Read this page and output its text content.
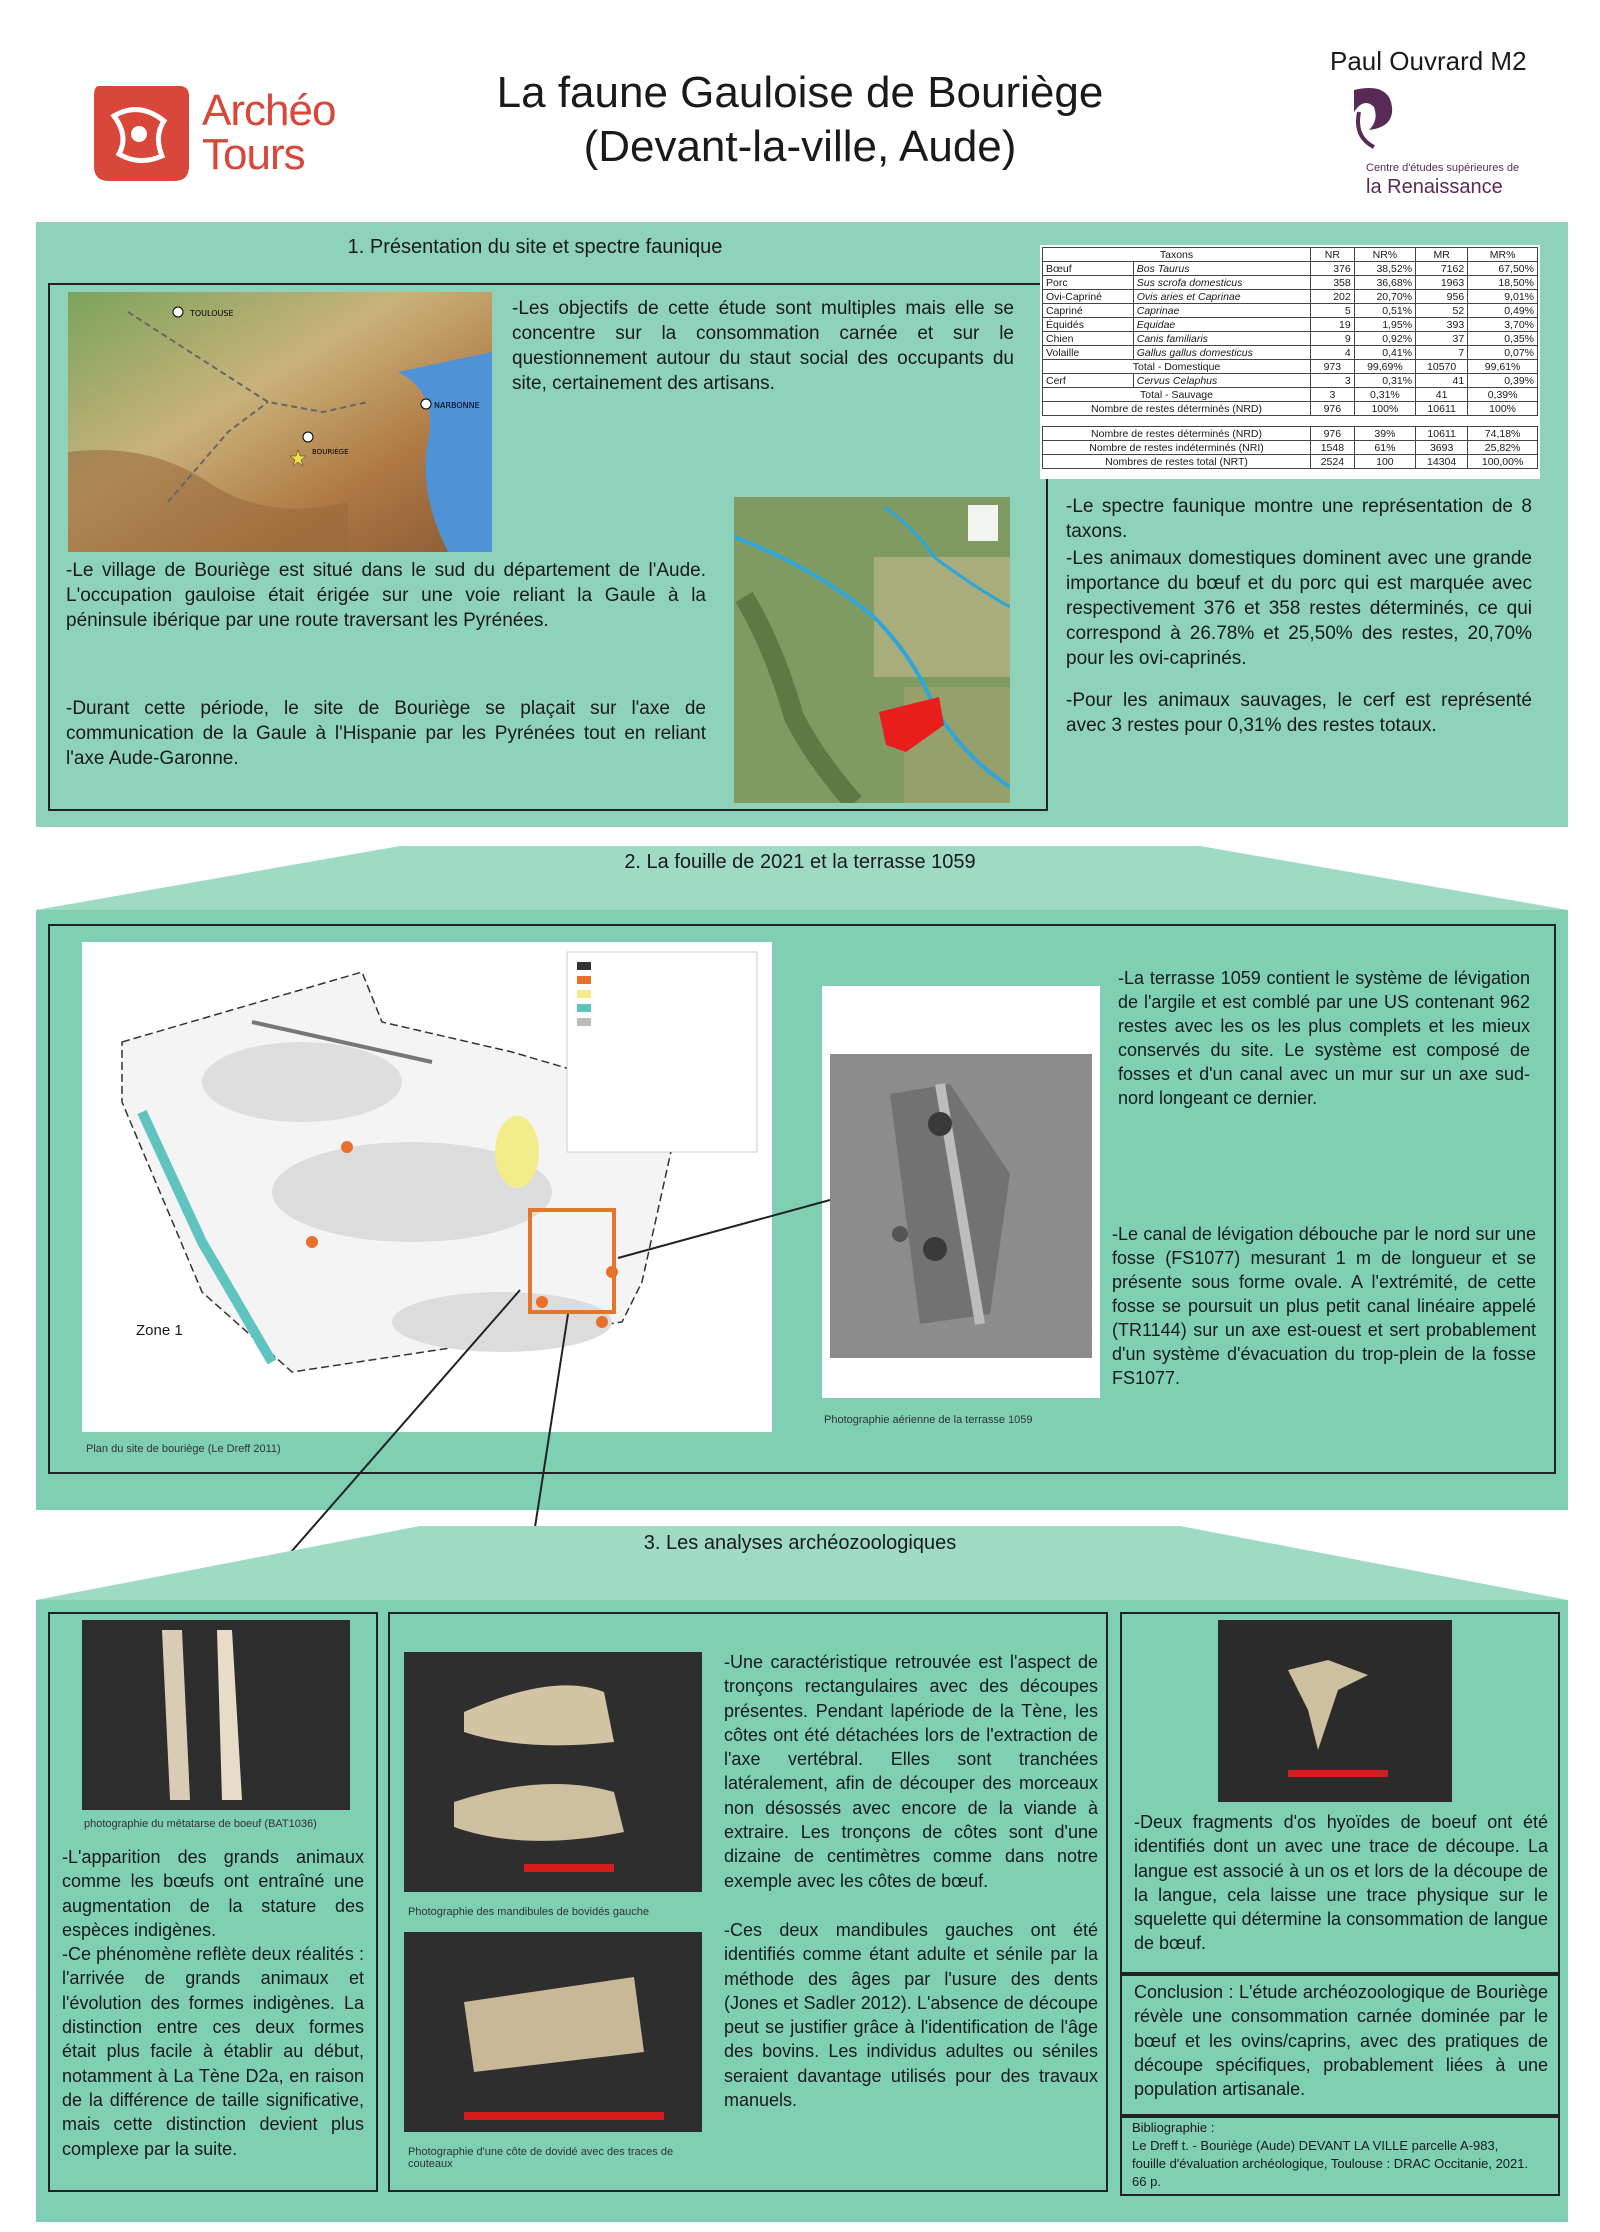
Archéo
Tours
La faune Gauloise de Bouriège
(Devant-la-ville, Aude)
Paul Ouvrard M2
Centre d'études supérieures de
la Renaissance
1. Présentation du site et spectre faunique
TOULOUSE
NARBONNE
BOURIÈGE
-Les objectifs de cette étude sont multiples mais elle se concentre sur la consommation carnée et sur le questionnement autour du staut social des occupants du site, certainement des artisans.
-Le village de Bouriège est situé dans le sud du département de l'Aude. L'occupation gauloise était érigée sur une voie reliant la Gaule à la péninsule ibérique par une route traversant les Pyrénées.
-Durant cette période, le site de Bouriège se plaçait sur l'axe de communication de la Gaule à l'Hispanie par les Pyrénées tout en reliant l'axe Aude-Garonne.
Taxons		NR	NR%	MR	MR%
Bœuf	Bos Taurus	376	38,52%	7162	67,50%
Porc	Sus scrofa domesticus	358	36,68%	1963	18,50%
Ovi-Capriné	Ovis aries et Caprinae	202	20,70%	956	9,01%
Capriné	Caprinae	5	0,51%	52	0,49%
Équidés	Equidae	19	1,95%	393	3,70%
Chien	Canis familiaris	9	0,92%	37	0,35%
Volaille	Gallus gallus domesticus	4	0,41%	7	0,07%
Total - Domestique		973	99,69%	10570	99,61%
Cerf	Cervus Celaphus	3	0,31%	41	0,39%
Total - Sauvage		3	0,31%	41	0,39%
Nombre de restes déterminés (NRD)		976	100%	10611	100%

Nombre de restes déterminés (NRD)		976	39%	10611	74,18%
Nombre de restes indéterminés (NRI)		1548	61%	3693	25,82%
Nombres de restes total (NRT)		2524	100	14304	100,00%
-Le spectre faunique montre une représentation de 8 taxons.
-Les animaux domestiques dominent avec une grande importance du bœuf et du porc qui est marquée avec respectivement 376 et 358 restes déterminés, ce qui correspond à 26.78% et 25,50% des restes, 20,70% pour les ovi-caprinés.
-Pour les animaux sauvages, le cerf est représenté avec 3 restes pour 0,31% des restes totaux.
2. La fouille de 2021 et la terrasse 1059
Zone 1
Plan du site de bouriège (Le Dreff 2011)
Photographie aérienne de la terrasse 1059
-La terrasse 1059 contient le système de lévigation de l'argile et est comblé par une US contenant 962 restes avec les os les plus complets et les mieux conservés du site. Le système est composé de fosses et d'un canal avec un mur sur un axe sud-nord longeant ce dernier.
-Le canal de lévigation débouche par le nord sur une fosse (FS1077) mesurant 1 m de longueur et se présente sous forme ovale. A l'extrémité, de cette fosse se poursuit un plus petit canal linéaire appelé (TR1144) sur un axe est-ouest et sert probablement d'un système d'évacuation du trop-plein de la fosse FS1077.
3. Les analyses archéozoologiques
photographie du métatarse de boeuf (BAT1036)
-L'apparition des grands animaux comme les bœufs ont entraîné une augmentation de la stature des espèces indigènes.
-Ce phénomène reflète deux réalités : l'arrivée de grands animaux et l'évolution des formes indigènes. La distinction entre ces deux formes était plus facile à établir au début, notamment à La Tène D2a, en raison de la différence de taille significative, mais cette distinction devient plus complexe par la suite.
Photographie des mandibules de bovidés gauche
Photographie d'une côte de dovidé avec des traces de couteaux
-Une caractéristique retrouvée est l'aspect de tronçons rectangulaires avec des découpes présentes. Pendant lapériode de la Tène, les côtes ont été détachées lors de l'extraction de l'axe vertébral. Elles sont tranchées latéralement, afin de découper des morceaux non désossés avec encore de la viande à extraire. Les tronçons de côtes sont d'une dizaine de centimètres comme dans notre exemple avec les côtes de bœuf.
-Ces deux mandibules gauches ont été identifiés comme étant adulte et sénile par la méthode des âges par l'usure des dents (Jones et Sadler 2012). L'absence de découpe peut se justifier grâce à l'identification de l'âge des bovins. Les individus adultes ou séniles seraient davantage utilisés pour des travaux manuels.
-Deux fragments d'os hyoïdes de boeuf ont été identifiés dont un avec une trace de découpe. La langue est associé à un os et lors de la découpe de la langue, cela laisse une trace physique sur le squelette qui détermine la consommation de langue de bœuf.
Conclusion : L'étude archéozoologique de Bouriège révèle une consommation carnée dominée par le bœuf et les ovins/caprins, avec des pratiques de découpe spécifiques, probablement liées à une population artisanale.
Bibliographie :
Le Dreff t. - Bouriège (Aude) DEVANT LA VILLE parcelle A-983, fouille d'évaluation archéologique, Toulouse : DRAC Occitanie, 2021. 66 p.
